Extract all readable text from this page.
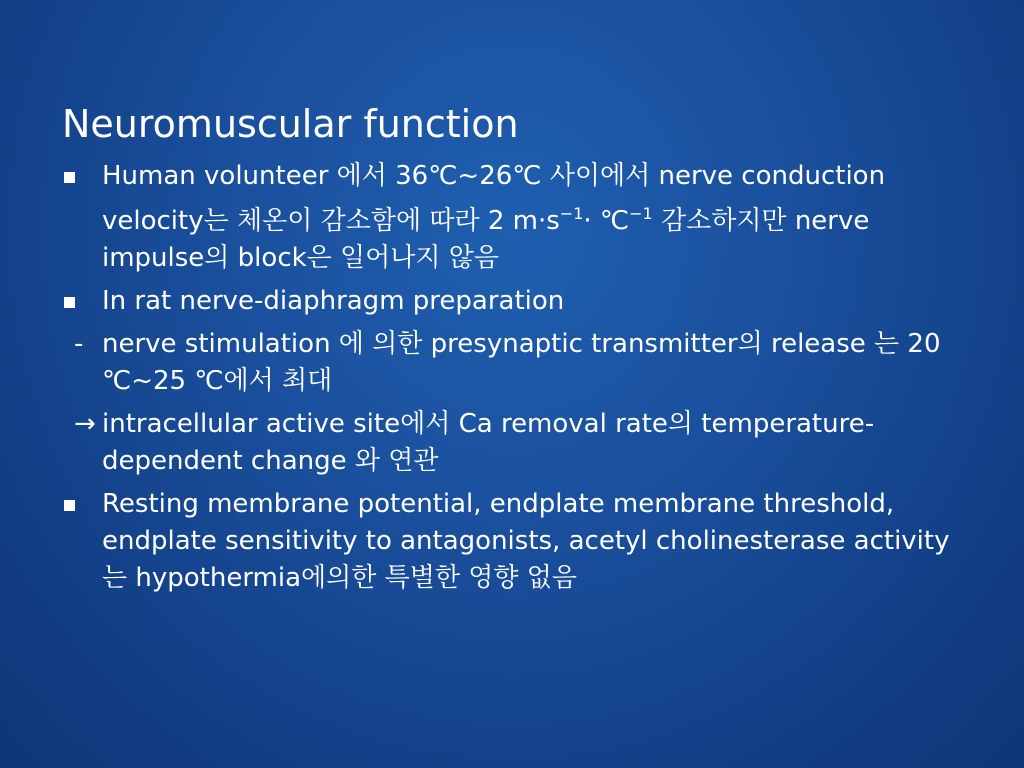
Neuromuscular function
Human volunteer 에서 36℃~26℃ 사이에서 nerve conduction velocity는 체온이 감소함에 따라 2 $m\cdot s^{-1}\cdot$ ℃$^{-1}$ 감소하지만 nerve impulse의 block은 일어나지 않음
In rat nerve-diaphragm preparation
- nerve stimulation 에 의한 presynaptic transmitter의 release 는 20 ℃~25 ℃에서 최대
→ intracellular active site에서 Ca removal rate의 temperature-dependent change 와 연관
Resting membrane potential, endplate membrane threshold, endplate sensitivity to antagonists, acetyl cholinesterase activity 는 hypothermia에의한 특별한 영향 없음
